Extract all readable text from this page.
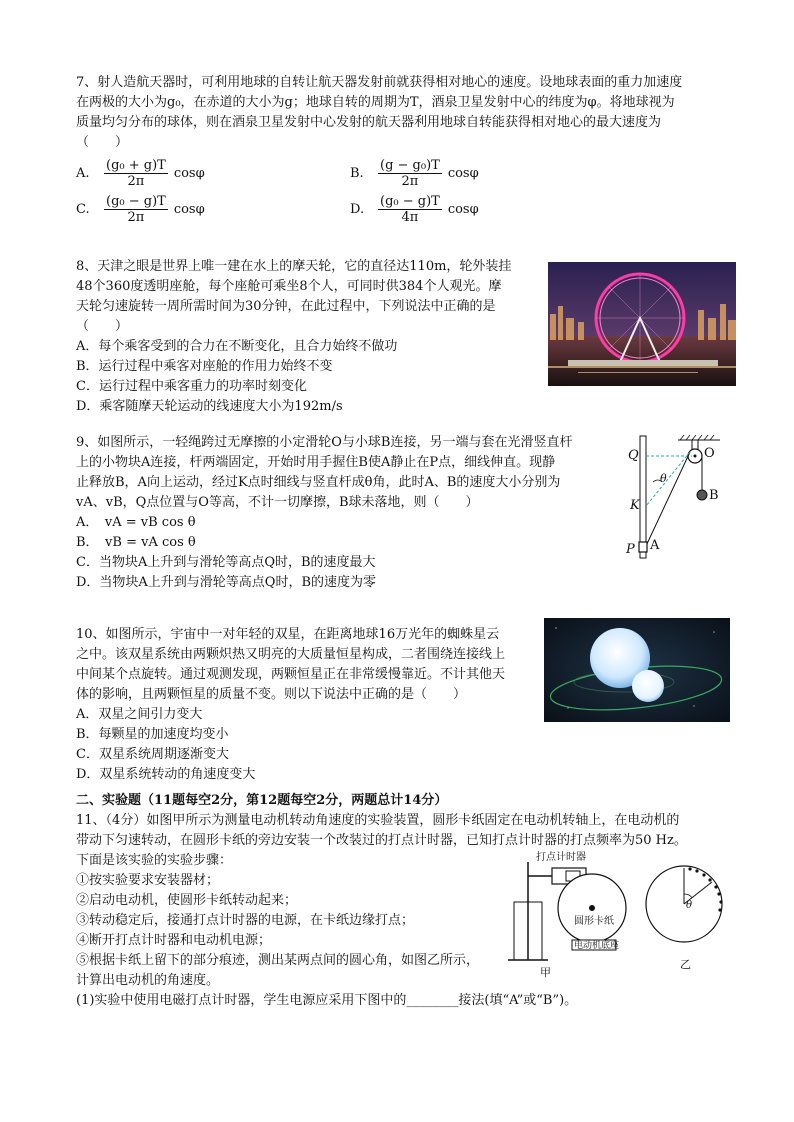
7、射人造航天器时，可利用地球的自转让航天器发射前就获得相对地心的速度。设地球表面的重力加速度
在两极的大小为g₀，在赤道的大小为g；地球自转的周期为T，酒泉卫星发射中心的纬度为φ。将地球视为
质量均匀分布的球体，则在酒泉卫星发射中心发射的航天器利用地球自转能获得相对地心的最大速度为
（　　）
A.	$\frac{\text{(g₀ + g)T}}{2\pi}$ cosφ	B.	$\frac{\text{(g − g₀)T}}{2\pi}$ cosφ
C.	$\frac{\text{(g₀ − g)T}}{2\pi}$ cosφ	D.	$\frac{\text{(g₀ − g)T}}{4\pi}$ cosφ
8、天津之眼是世界上唯一建在水上的摩天轮，它的直径达110m，轮外装挂
48个360度透明座舱，每个座舱可乘坐8个人，可同时供384个人观光。摩
天轮匀速旋转一周所需时间为30分钟，在此过程中，下列说法中正确的是
（　　）
A．每个乘客受到的合力在不断变化，且合力始终不做功
B．运行过程中乘客对座舱的作用力始终不变
C．运行过程中乘客重力的功率时刻变化
D．乘客随摩天轮运动的线速度大小为192m/s
9、如图所示，一轻绳跨过无摩擦的小定滑轮O与小球B连接，另一端与套在光滑竖直杆
上的小物块A连接，杆两端固定，开始时用手握住B使A静止在P点，细线伸直。现静
止释放B，A向上运动，经过K点时细线与竖直杆成θ角，此时A、B的速度大小分别为
vA、vB，Q点位置与O等高，不计一切摩擦，B球未落地，则（　　）
A．　vA = vB cos θ
B．　vB = vA cos θ
C．当物块A上升到与滑轮等高点Q时，B的速度最大
D．当物块A上升到与滑轮等高点Q时，B的速度为零
Q	O
θ
K
B
P A
10、如图所示，宇宙中一对年轻的双星，在距离地球16万光年的蜘蛛星云
之中。该双星系统由两颗炽热又明亮的大质量恒星构成，二者围绕连接线上
中间某个点旋转。通过观测发现，两颗恒星正在非常缓慢靠近。不计其他天
体的影响，且两颗恒星的质量不变。则以下说法中正确的是（　　）
A．双星之间引力变大
B．每颗星的加速度均变小
C．双星系统周期逐渐变大
D．双星系统转动的角速度变大
二、实验题（11题每空2分，第12题每空2分，两题总计14分）
11、（4分）如图甲所示为测量电动机转动角速度的实验装置，圆形卡纸固定在电动机转轴上，在电动机的
带动下匀速转动，在圆形卡纸的旁边安装一个改装过的打点计时器，已知打点计时器的打点频率为50 Hz。
下面是该实验的实验步骤：
①按实验要求安装器材；
②启动电动机，使圆形卡纸转动起来；
③转动稳定后，接通打点计时器的电源，在卡纸边缘打点；
④断开打点计时器和电动机电源；
⑤根据卡纸上留下的部分痕迹，测出某两点间的圆心角，如图乙所示，
计算出电动机的角速度。
(1)实验中使用电磁打点计时器，学生电源应采用下图中的________接法(填“A”或“B”)。
打点计时器
圆形卡纸
电动机底座
甲
θ
乙
